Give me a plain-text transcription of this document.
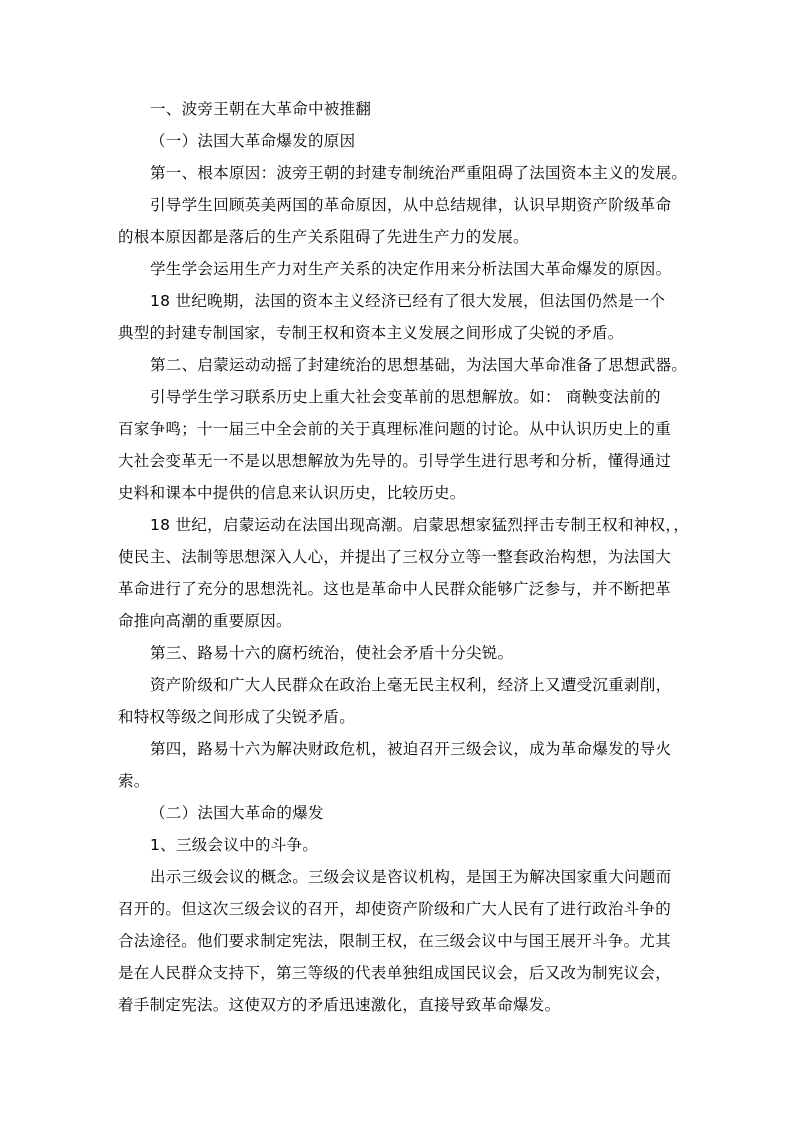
一、波旁王朝在大革命中被推翻
（一）法国大革命爆发的原因
第一、根本原因：波旁王朝的封建专制统治严重阻碍了法国资本主义的发展。
引导学生回顾英美两国的革命原因，从中总结规律，认识早期资产阶级革命
的根本原因都是落后的生产关系阻碍了先进生产力的发展。
学生学会运用生产力对生产关系的决定作用来分析法国大革命爆发的原因。
18 世纪晚期，法国的资本主义经济已经有了很大发展，但法国仍然是一个
典型的封建专制国家，专制王权和资本主义发展之间形成了尖锐的矛盾。
第二、启蒙运动动摇了封建统治的思想基础，为法国大革命准备了思想武器。
引导学生学习联系历史上重大社会变革前的思想解放。如： 商鞅变法前的
百家争鸣；十一届三中全会前的关于真理标准问题的讨论。从中认识历史上的重
大社会变革无一不是以思想解放为先导的。引导学生进行思考和分析，懂得通过
史料和课本中提供的信息来认识历史，比较历史。
18 世纪，启蒙运动在法国出现高潮。启蒙思想家猛烈抨击专制王权和神权，，
使民主、法制等思想深入人心，并提出了三权分立等一整套政治构想，为法国大
革命进行了充分的思想洗礼。这也是革命中人民群众能够广泛参与，并不断把革
命推向高潮的重要原因。
第三、路易十六的腐朽统治，使社会矛盾十分尖锐。
资产阶级和广大人民群众在政治上毫无民主权利，经济上又遭受沉重剥削，
和特权等级之间形成了尖锐矛盾。
第四，路易十六为解决财政危机，被迫召开三级会议，成为革命爆发的导火
索。
（二）法国大革命的爆发
1、三级会议中的斗争。
出示三级会议的概念。三级会议是咨议机构，是国王为解决国家重大问题而
召开的。但这次三级会议的召开，却使资产阶级和广大人民有了进行政治斗争的
合法途径。他们要求制定宪法，限制王权，在三级会议中与国王展开斗争。尤其
是在人民群众支持下，第三等级的代表单独组成国民议会，后又改为制宪议会，
着手制定宪法。这使双方的矛盾迅速激化，直接导致革命爆发。
